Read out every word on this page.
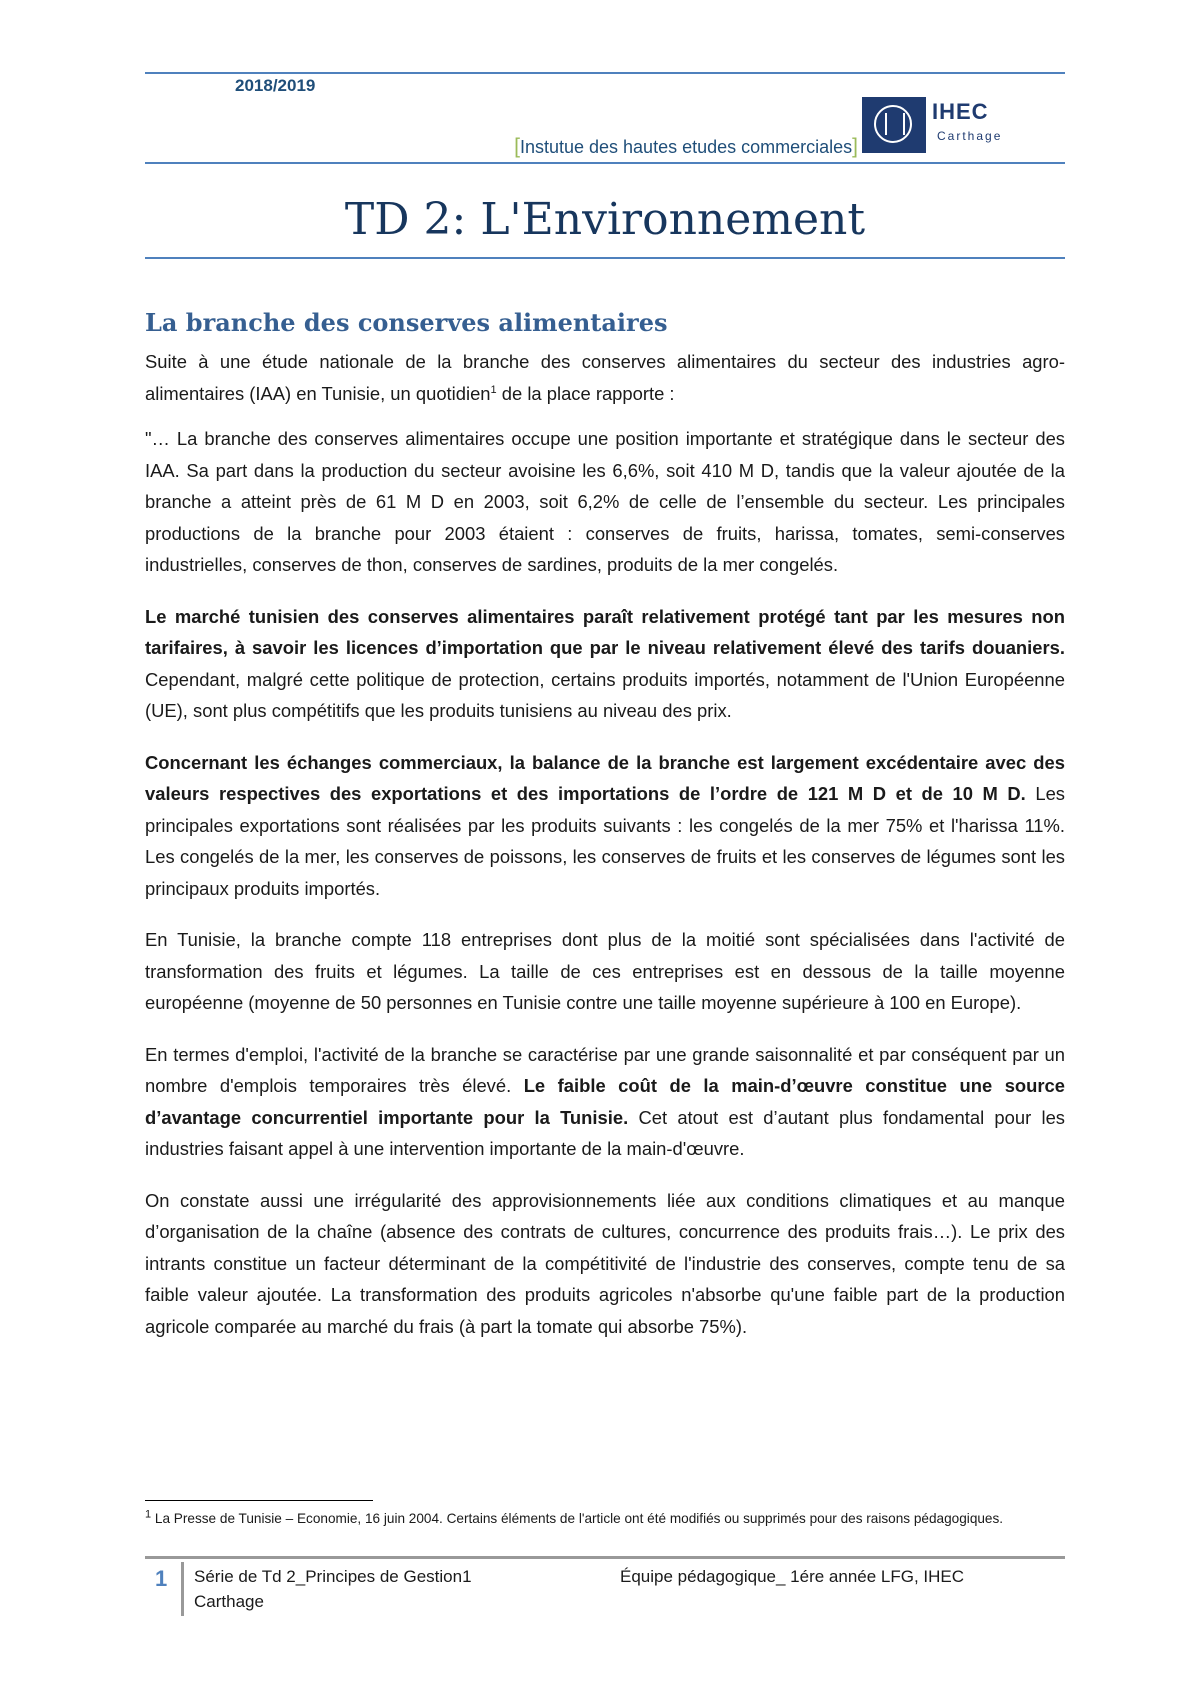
2018/2019
[Instutue des hautes etudes commerciales]
IHEC
Carthage
TD 2: L'Environnement
La branche des conserves alimentaires

Suite à une étude nationale de la branche des conserves alimentaires du secteur des industries agro-alimentaires (IAA) en Tunisie, un quotidien$^1$ de la place rapporte :

"… La branche des conserves alimentaires occupe une position importante et stratégique dans le secteur des IAA. Sa part dans la production du secteur avoisine les 6,6%, soit 410 M D, tandis que la valeur ajoutée de la branche a atteint près de 61 M D en 2003, soit 6,2% de celle de l’ensemble du secteur. Les principales productions de la branche pour 2003 étaient : conserves de fruits, harissa, tomates, semi-conserves industrielles, conserves de thon, conserves de sardines, produits de la mer congelés.

Le marché tunisien des conserves alimentaires paraît relativement protégé tant par les mesures non tarifaires, à savoir les licences d’importation que par le niveau relativement élevé des tarifs douaniers. Cependant, malgré cette politique de protection, certains produits importés, notamment de l'Union Européenne (UE), sont plus compétitifs que les produits tunisiens au niveau des prix.

Concernant les échanges commerciaux, la balance de la branche est largement excédentaire avec des valeurs respectives des exportations et des importations de l’ordre de 121 M D et de 10 M D. Les principales exportations sont réalisées par les produits suivants : les congelés de la mer 75% et l'harissa 11%. Les congelés de la mer, les conserves de poissons, les conserves de fruits et les conserves de légumes sont les principaux produits importés.

En Tunisie, la branche compte 118 entreprises dont plus de la moitié sont spécialisées dans l'activité de transformation des fruits et légumes. La taille de ces entreprises est en dessous de la taille moyenne européenne (moyenne de 50 personnes en Tunisie contre une taille moyenne supérieure à 100 en Europe).

En termes d'emploi, l'activité de la branche se caractérise par une grande saisonnalité et par conséquent par un nombre d'emplois temporaires très élevé. Le faible coût de la main-d’œuvre constitue une source d’avantage concurrentiel importante pour la Tunisie. Cet atout est d’autant plus fondamental pour les industries faisant appel à une intervention importante de la main-d'œuvre.

On constate aussi une irrégularité des approvisionnements liée aux conditions climatiques et au manque d’organisation de la chaîne (absence des contrats de cultures, concurrence des produits frais…). Le prix des intrants constitue un facteur déterminant de la compétitivité de l'industrie des conserves, compte tenu de sa faible valeur ajoutée. La transformation des produits agricoles n'absorbe qu'une faible part de la production agricole comparée au marché du frais (à part la tomate qui absorbe 75%).

$^1$ La Presse de Tunisie – Economie, 16 juin 2004. Certains éléments de l'article ont été modifiés ou supprimés pour des raisons pédagogiques.
1 Série de Td 2_Principes de Gestion1 Carthage
Équipe pédagogique_ 1ére année LFG, IHEC
